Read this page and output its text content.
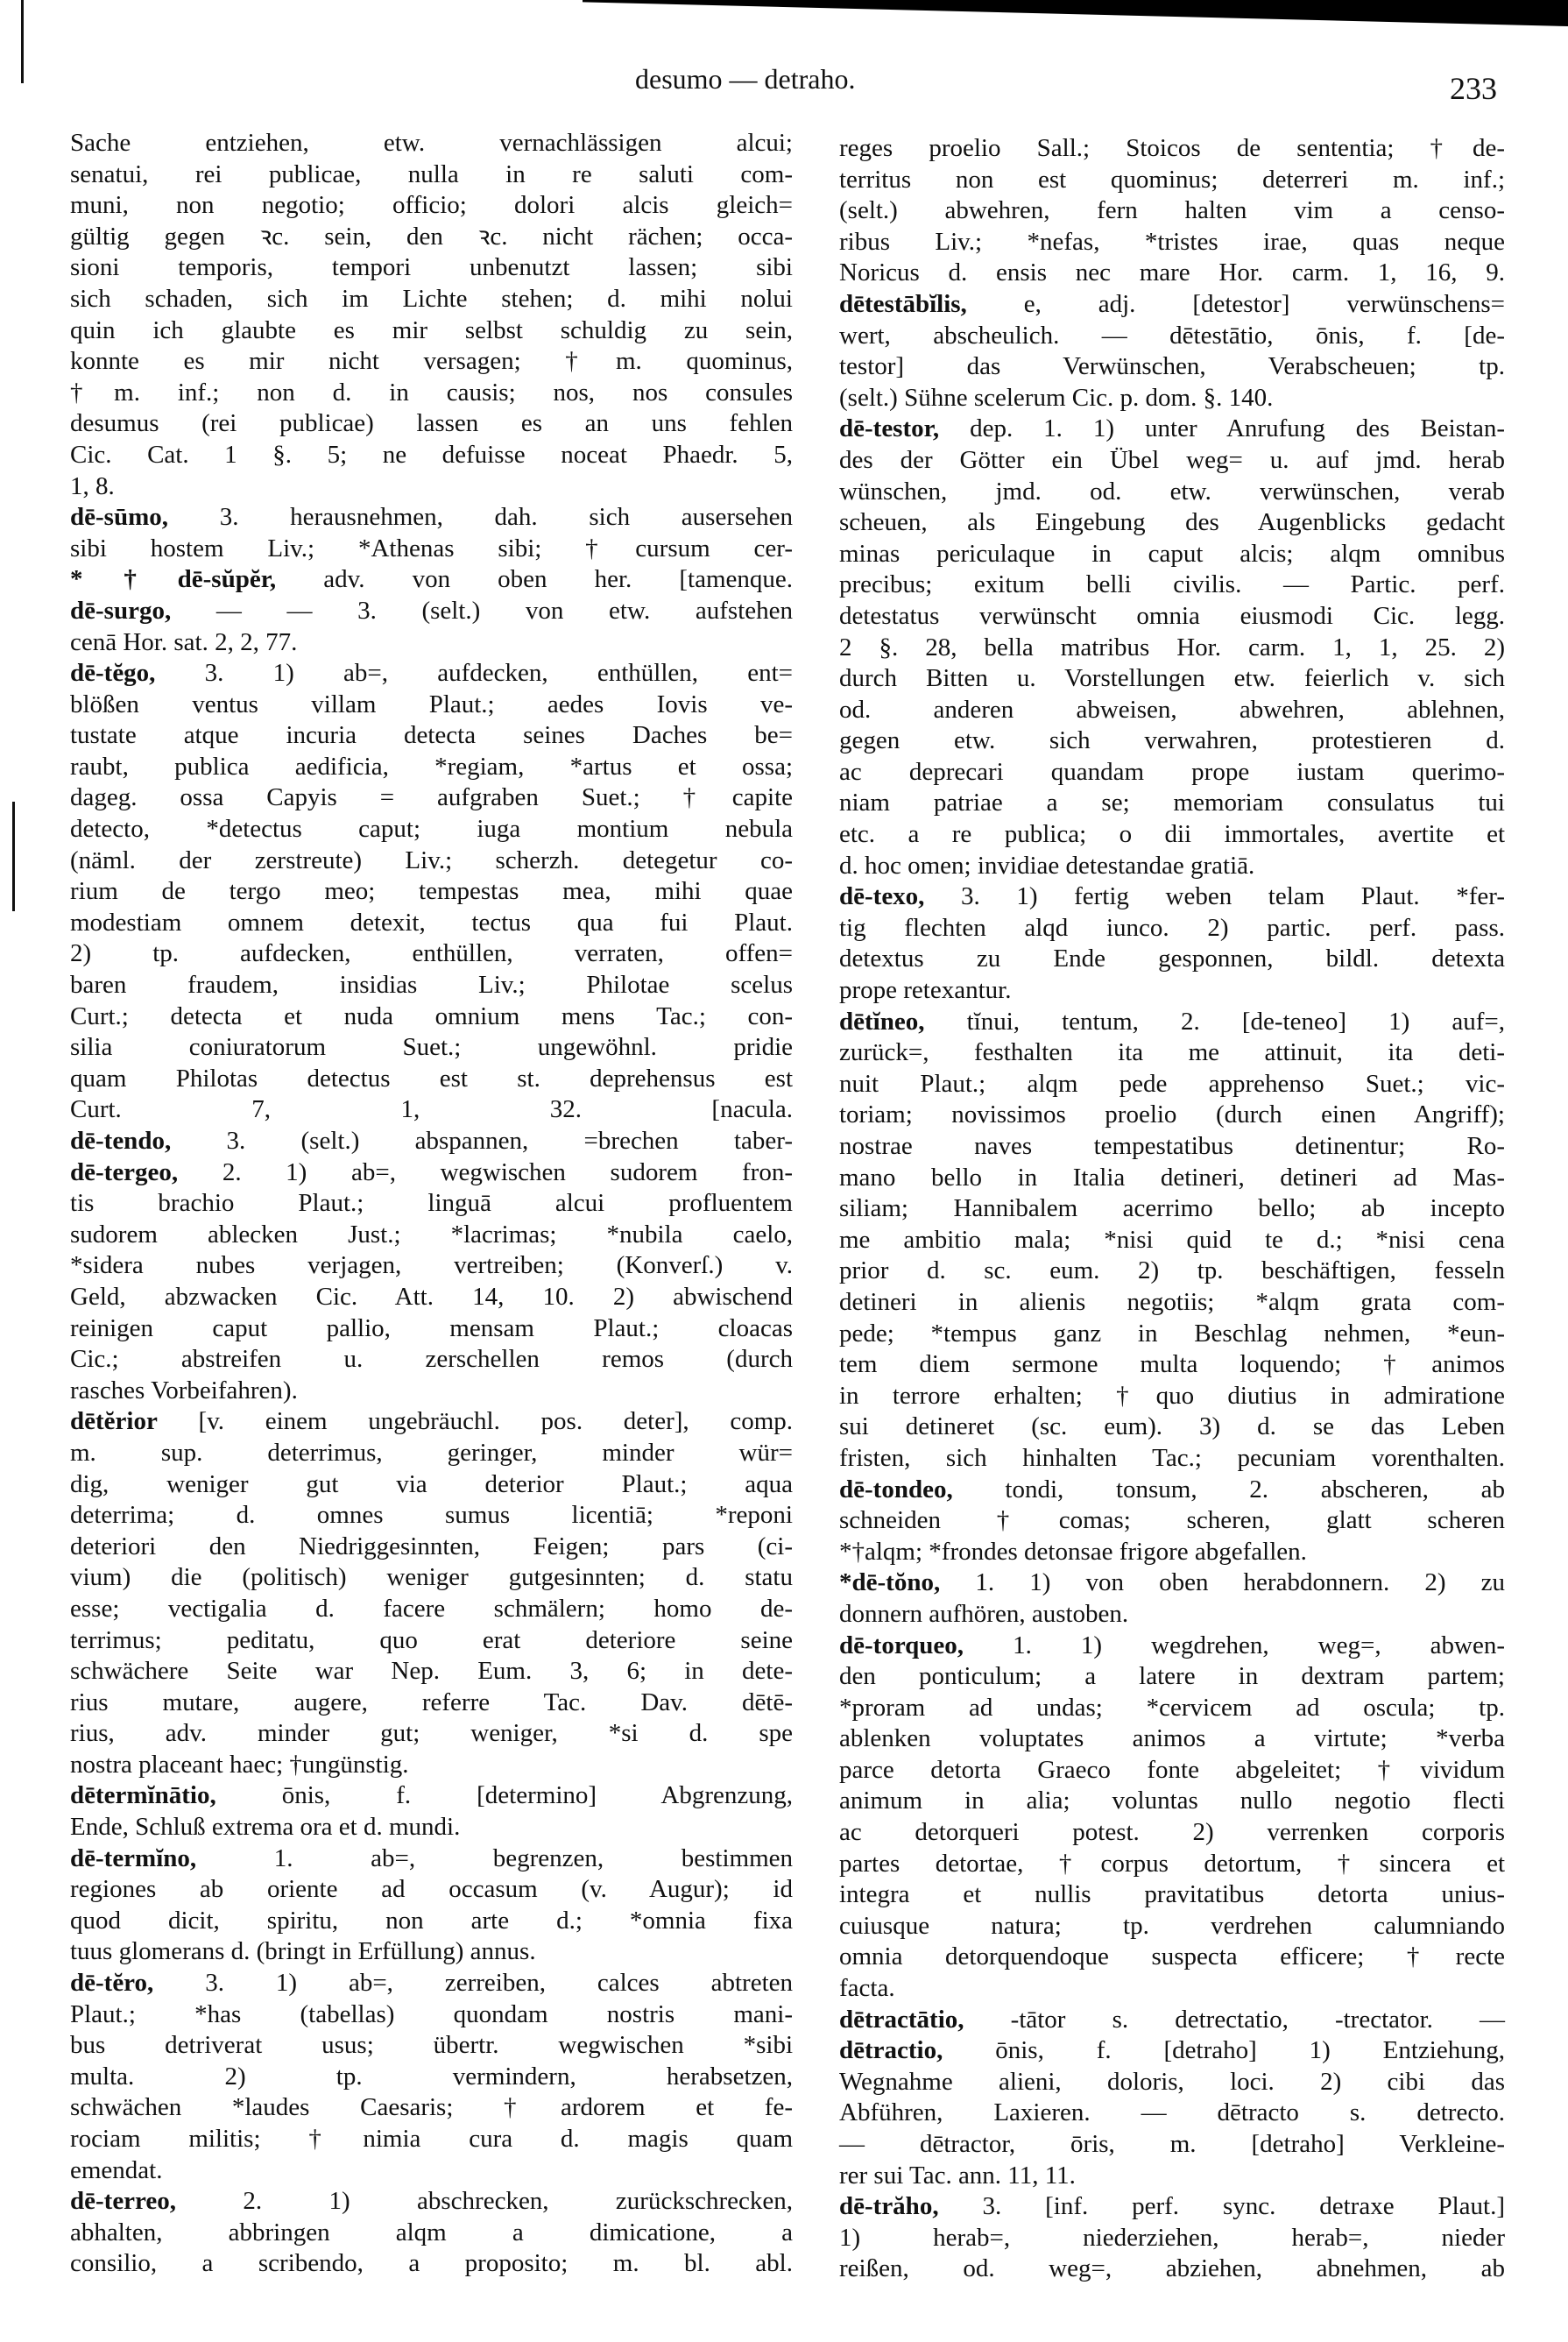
desumo — detraho.	233
Sache entziehen, etw. vernachlässigen alcui;
senatui, rei publicae, nulla in re saluti com-
muni, non negotio; officio; dolori alcis gleich=
gültig gegen ꝛc. sein, den ꝛc. nicht rächen; occa-
sioni temporis, tempori unbenutzt lassen; sibi
sich schaden, sich im Lichte stehen; d. mihi nolui
quin ich glaubte es mir selbst schuldig zu sein,
konnte es mir nicht versagen; †m. quominus,
†m. inf.; non d. in causis; nos, nos consules
desumus (rei publicae) lassen es an uns fehlen
Cic. Cat. 1 §. 5; ne defuisse noceat Phaedr. 5,
1, 8.
dē-sūmo, 3. herausnehmen, dah. sich ausersehen
sibi hostem Liv.; *Athenas sibi; †cursum cer-
*†dē-sŭpĕr, adv. von oben her. [tamenque.
dē-surgo, — — 3. (selt.) von etw. aufstehen
cenā Hor. sat. 2, 2, 77.
dē-tĕgo, 3. 1) ab=, aufdecken, enthüllen, ent=
blößen ventus villam Plaut.; aedes Iovis ve-
tustate atque incuria detecta seines Daches be=
raubt, publica aedificia, *regiam, *artus et ossa;
dageg. ossa Capyis = aufgraben Suet.; †capite
detecto, *detectus caput; iuga montium nebula
(näml. der zerstreute) Liv.; scherzh. detegetur co-
rium de tergo meo; tempestas mea, mihi quae
modestiam omnem detexit, tectus qua fui Plaut.
2) tp. aufdecken, enthüllen, verraten, offen=
baren fraudem, insidias Liv.; Philotae scelus
Curt.; detecta et nuda omnium mens Tac.; con-
silia coniuratorum Suet.; ungewöhnl. pridie
quam Philotas detectus est st. deprehensus est
Curt. 7, 1, 32. [nacula.
dē-tendo, 3. (selt.) abspannen, =brechen taber-
dē-tergeo, 2. 1) ab=, wegwischen sudorem fron-
tis brachio Plaut.; linguā alcui profluentem
sudorem ablecken Just.; *lacrimas; *nubila caelo,
*sidera nubes verjagen, vertreiben; (Konverſ.) v.
Geld, abzwacken Cic. Att. 14, 10. 2) abwischend
reinigen caput pallio, mensam Plaut.; cloacas
Cic.; abstreifen u. zerschellen remos (durch
rasches Vorbeifahren).
dētĕrior [v. einem ungebräuchl. pos. deter], comp.
m. sup. deterrimus, geringer, minder wür=
dig, weniger gut via deterior Plaut.; aqua
deterrima; d. omnes sumus licentiā; *reponi
deteriori den Niedriggesinnten, Feigen; pars (ci-
vium) die (politisch) weniger gutgesinnten; d. statu
esse; vectigalia d. facere schmälern; homo de-
terrimus; peditatu, quo erat deteriore seine
schwächere Seite war Nep. Eum. 3, 6; in dete-
rius mutare, augere, referre Tac. Dav. dētē-
rius, adv. minder gut; weniger, *si d. spe
nostra placeant haec; †ungünstig.
dētermĭnātio,	ōnis, f. [determino] Abgrenzung,
Ende, Schluß extrema ora et d. mundi.
dē-termĭno,	1. ab=, begrenzen, bestimmen
regiones ab oriente ad occasum (v. Augur); id
quod dicit, spiritu, non arte d.; *omnia fixa
tuus glomerans d. (bringt in Erfüllung) annus.
dē-tĕro, 3. 1) ab=, zerreiben, calces abtreten
Plaut.; *has (tabellas) quondam nostris mani-
bus detriverat usus; übertr. wegwischen *sibi
multa. 2) tp. vermindern, herabsetzen,
schwächen *laudes Caesaris; †ardorem et fe-
rociam militis; †nimia cura d. magis quam
emendat.
dē-terreo,	2. 1) abschrecken, zurückschrecken,
abhalten, abbringen alqm a dimicatione, a
consilio, a scribendo, a proposito; m. bl. abl.
reges proelio Sall.; Stoicos de sententia; †de-
territus non est quominus; deterreri m. inf.;
(selt.) abwehren, fern halten vim a censo-
ribus Liv.; *nefas, *tristes irae, quas neque
Noricus d. ensis nec mare Hor. carm. 1, 16, 9.
dētestābĭlis, e, adj. [detestor] verwünschens=
wert, abscheulich. — dētestātio, ōnis, f. [de-
testor] das Verwünschen, Verabscheuen; tp.
(selt.) Sühne scelerum Cic. p. dom. §. 140.
dē-testor, dep. 1. 1) unter Anrufung des Beistan-
des der Götter ein Übel weg= u. auf jmd. herab
wünschen, jmd. od. etw. verwünschen, verab
scheuen, als Eingebung des Augenblicks gedacht
minas periculaque in caput alcis; alqm omnibus
precibus; exitum belli civilis. — Partic. perf.
detestatus verwünscht omnia eiusmodi Cic. legg.
2 §. 28, bella matribus Hor. carm. 1, 1, 25. 2)
durch Bitten u. Vorstellungen etw. feierlich v. sich
od. anderen abweisen, abwehren, ablehnen,
gegen etw. sich verwahren, protestieren d.
ac deprecari quandam prope iustam querimo-
niam patriae a se; memoriam consulatus tui
etc. a re publica; o dii immortales, avertite et
d. hoc omen; invidiae detestandae gratiā.
dē-texo, 3. 1) fertig weben telam Plaut. *fer-
tig flechten alqd iunco. 2) partic. perf. pass.
detextus zu Ende gesponnen, bildl. detexta
prope retexantur.
dētĭneo, tĭnui, tentum, 2. [de-teneo] 1) auf=,
zurück=, festhalten ita me attinuit, ita deti-
nuit Plaut.; alqm pede apprehenso Suet.; vic-
toriam; novissimos proelio (durch einen Angriff);
nostrae naves tempestatibus detinentur; Ro-
mano bello in Italia detineri, detineri ad Mas-
siliam; Hannibalem acerrimo bello; ab incepto
me ambitio mala; *nisi quid te d.; *nisi cena
prior d. sc. eum. 2) tp. beschäftigen, fesseln
detineri in alienis negotiis; *alqm grata com-
pede; *tempus ganz in Beschlag nehmen, *eun-
tem diem sermone multa loquendo; †animos
in terrore erhalten; †quo diutius in admiratione
sui detineret (sc. eum). 3) d. se das Leben
fristen, sich hinhalten Tac.; pecuniam vorenthalten.
dē-tondeo, tondi, tonsum, 2. abscheren, ab
schneiden †comas; scheren, glatt scheren
*†alqm; *frondes detonsae frigore abgefallen.
*dē-tŏno, 1. 1) von oben herabdonnern. 2) zu
donnern aufhören, austoben.
dē-torqueo, 1. 1) wegdrehen, weg=, abwen-
den ponticulum; a latere in dextram partem;
*proram ad undas; *cervicem ad oscula; tp.
ablenken voluptates animos a virtute; *verba
parce detorta Graeco fonte abgeleitet; †vividum
animum in alia; voluntas nullo negotio flecti
ac detorqueri potest. 2) verrenken corporis
partes detortae, †corpus detortum, †sincera et
integra et nullis pravitatibus detorta unius-
cuiusque natura; tp. verdrehen calumniando
omnia detorquendoque suspecta efficere; †recte
facta.
dētractātio, -tātor s. detrectatio, -trectator. —
dētractio, ōnis, f. [detraho] 1) Entziehung,
Wegnahme alieni, doloris, loci. 2) cibi das
Abführen, Laxieren. — dētracto s. detrecto.
— dētractor, ōris, m. [detraho] Verkleine-
rer sui Tac. ann. 11, 11.
dē-trăho, 3. [inf. perf. sync. detraxe Plaut.]
1) herab=, niederziehen, herab=, nieder
reißen, od. weg=, abziehen, abnehmen, ab
